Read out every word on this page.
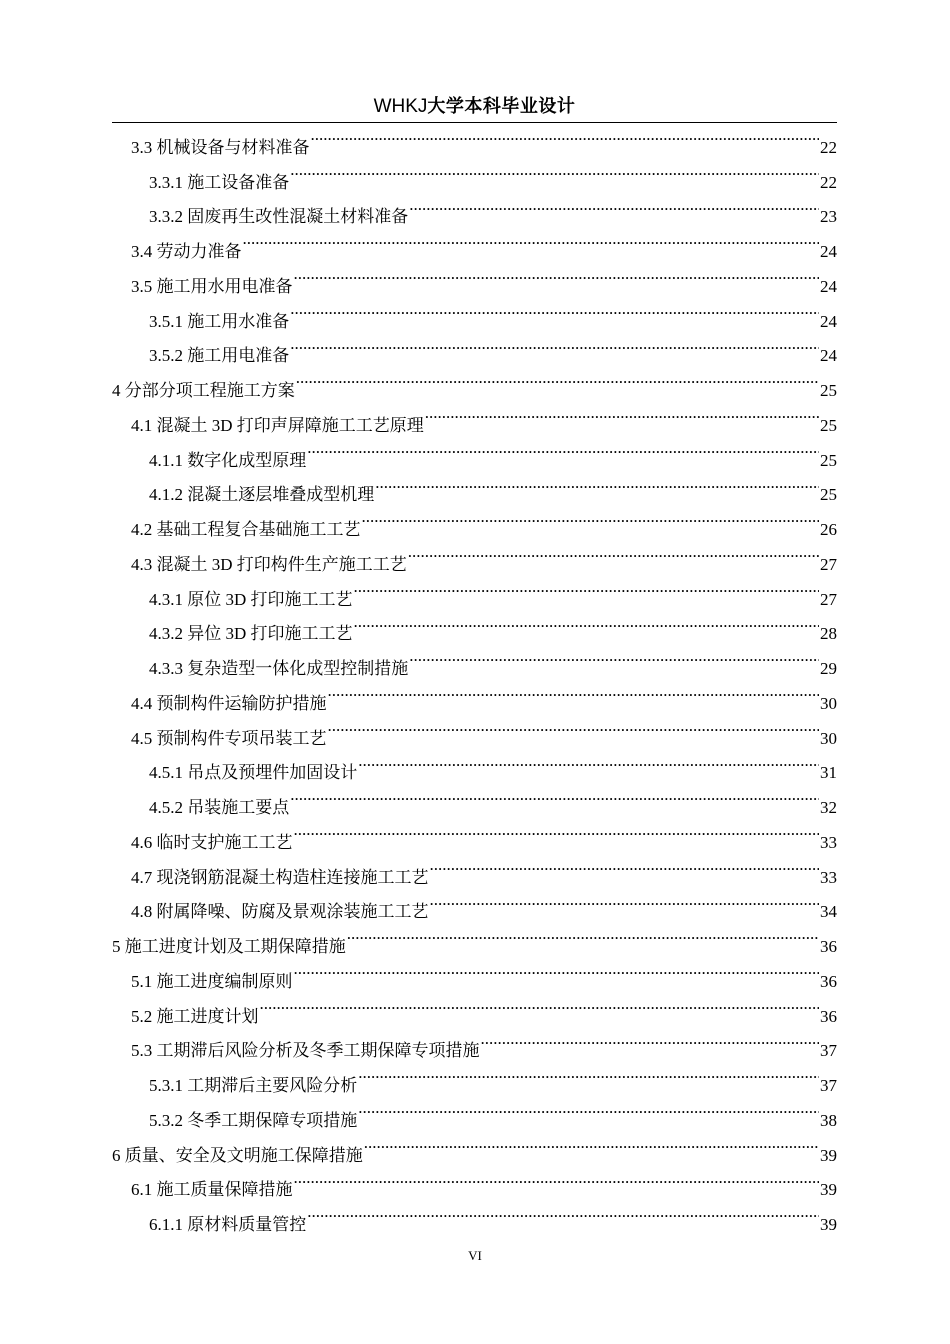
WHKJ大学本科毕业设计
3.3 机械设备与材料准备 .....	22
3.3.1 施工设备准备 .....	22
3.3.2 固废再生改性混凝土材料准备 .....	23
3.4 劳动力准备 .....	24
3.5 施工用水用电准备 .....	24
3.5.1 施工用水准备 .....	24
3.5.2 施工用电准备 .....	24
4 分部分项工程施工方案 .....	25
4.1 混凝土 3D 打印声屏障施工工艺原理 .....	25
4.1.1 数字化成型原理 .....	25
4.1.2 混凝土逐层堆叠成型机理 .....	25
4.2 基础工程复合基础施工工艺 .....	26
4.3 混凝土 3D 打印构件生产施工工艺 .....	27
4.3.1 原位 3D 打印施工工艺 .....	27
4.3.2 异位 3D 打印施工工艺 .....	28
4.3.3 复杂造型一体化成型控制措施 .....	29
4.4 预制构件运输防护措施 .....	30
4.5 预制构件专项吊装工艺 .....	30
4.5.1 吊点及预埋件加固设计 .....	31
4.5.2 吊装施工要点 .....	32
4.6 临时支护施工工艺 .....	33
4.7 现浇钢筋混凝土构造柱连接施工工艺 .....	33
4.8 附属降噪、防腐及景观涂装施工工艺 .....	34
5 施工进度计划及工期保障措施 .....	36
5.1 施工进度编制原则 .....	36
5.2 施工进度计划 .....	36
5.3 工期滞后风险分析及冬季工期保障专项措施 .....	37
5.3.1 工期滞后主要风险分析 .....	37
5.3.2 冬季工期保障专项措施 .....	38
6 质量、安全及文明施工保障措施 .....	39
6.1 施工质量保障措施 .....	39
6.1.1 原材料质量管控 .....	39
VI
